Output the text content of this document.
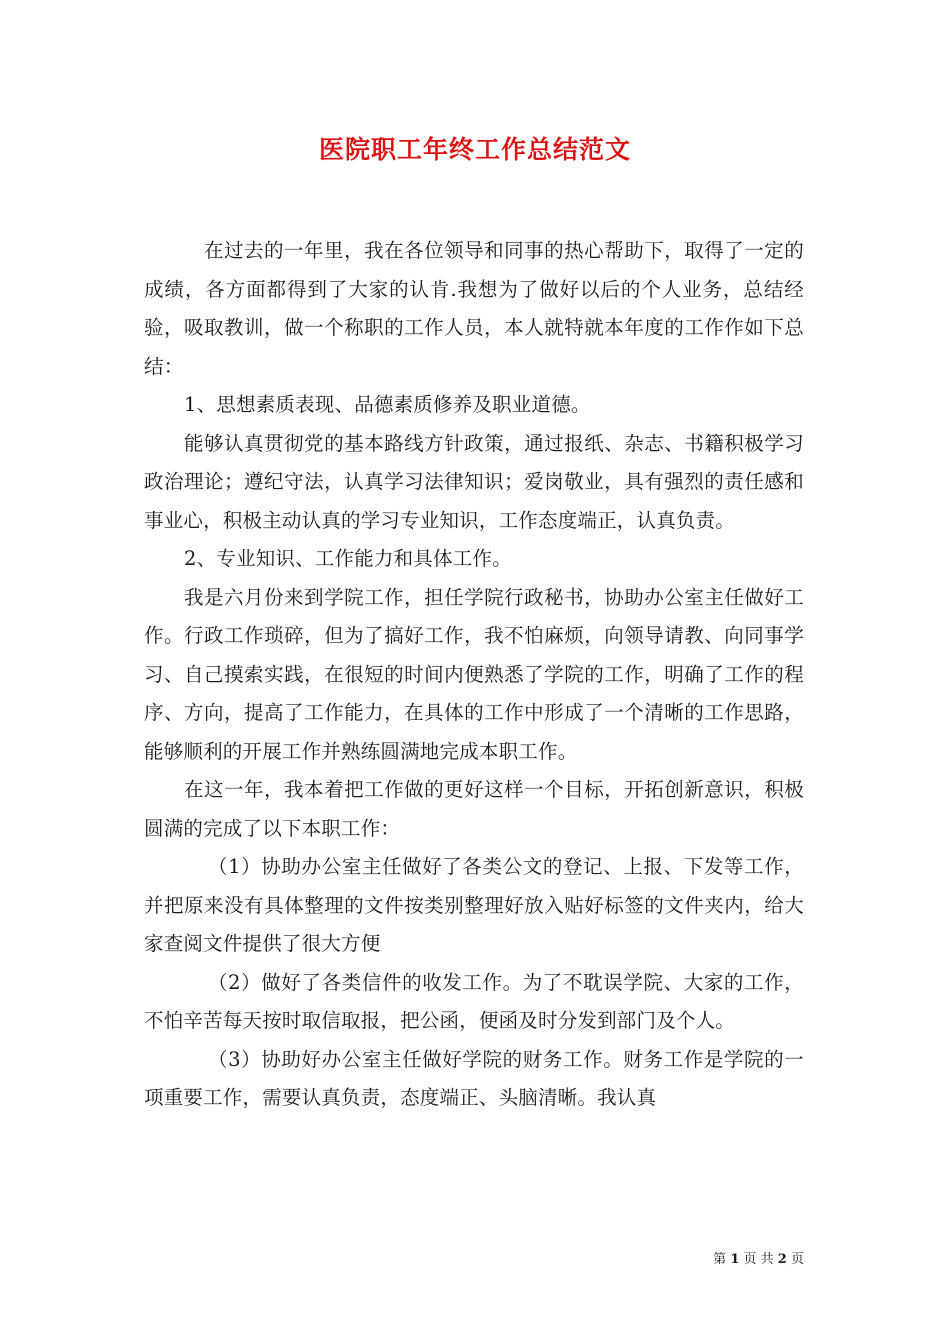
医院职工年终工作总结范文

在过去的一年里，我在各位领导和同事的热心帮助下，取得了一定的成绩，各方面都得到了大家的认肯.我想为了做好以后的个人业务，总结经验，吸取教训，做一个称职的工作人员，本人就特就本年度的工作作如下总结：

1、思想素质表现、品德素质修养及职业道德。

能够认真贯彻党的基本路线方针政策，通过报纸、杂志、书籍积极学习政治理论；遵纪守法，认真学习法律知识；爱岗敬业，具有强烈的责任感和事业心，积极主动认真的学习专业知识，工作态度端正，认真负责。

2、专业知识、工作能力和具体工作。

我是六月份来到学院工作，担任学院行政秘书，协助办公室主任做好工作。行政工作琐碎，但为了搞好工作，我不怕麻烦，向领导请教、向同事学习、自己摸索实践，在很短的时间内便熟悉了学院的工作，明确了工作的程序、方向，提高了工作能力，在具体的工作中形成了一个清晰的工作思路，能够顺利的开展工作并熟练圆满地完成本职工作。

在这一年，我本着把工作做的更好这样一个目标，开拓创新意识，积极圆满的完成了以下本职工作：

（1）协助办公室主任做好了各类公文的登记、上报、下发等工作，并把原来没有具体整理的文件按类别整理好放入贴好标签的文件夹内，给大家查阅文件提供了很大方便

（2）做好了各类信件的收发工作。为了不耽误学院、大家的工作，不怕辛苦每天按时取信取报，把公函，便函及时分发到部门及个人。

（3）协助好办公室主任做好学院的财务工作。财务工作是学院的一项重要工作，需要认真负责，态度端正、头脑清晰。我认真

第 1 页 共 2 页
